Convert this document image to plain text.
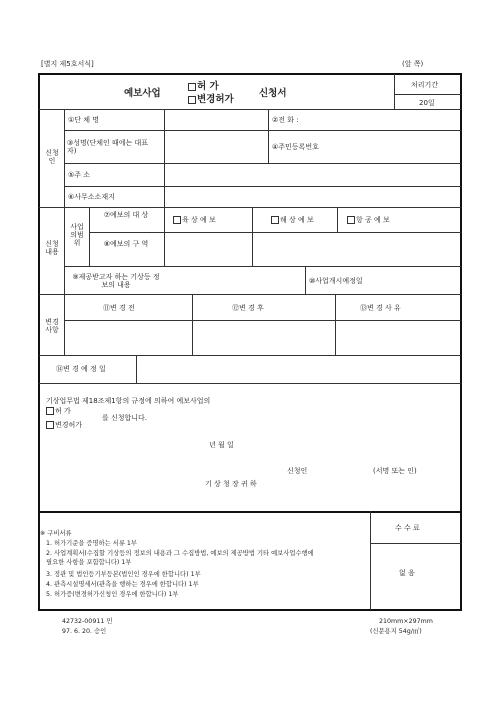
[별지 제5호서식]	(앞 쪽)
예보사업
허 가
변경허가
신청서
처리기간
20일
신청인
①단 체 명	②전 화 :
③성명(단체인 때에는 대표자)	④주민등록번호
⑤주 소
⑥사무소소재지
신청내용
사업의범위
⑦예보의 대 상
육 상 예 보	해 상 예 보	항 공 예 보
⑧예보의 구 역
⑨제공받고자 하는 기상등 정보의 내용	⑩사업개시예정일
변경사항
⑪변 경 전	⑫변 경 후	⑬변 경 사 유
⑭변 경 예 정 일
기상업무법 제18조제1항의 규정에 의하여 예보사업의
허 가
변경허가
를 신청합니다.
년 월 일
신청인	(서명 또는 인)
기 상 청 장 귀 하
※ 구비서류
1. 허가기준을 증명하는 서류 1부
2. 사업계획서(수집할 기상등의 정보의 내용과 그 수집방법, 예보의 제공방법 기타 예보사업수행에
필요한 사항을 포함합니다) 1부
3. 정관 및 법인등기부등본(법인인 경우에 한합니다) 1부
4. 관측시설명세서(관측을 행하는 경우에 한합니다) 1부
5. 허가증(변경허가신청인 경우에 한합니다) 1부
수 수 료
없 음
42732-00911 민
97. 6. 20. 승인
210mm×297mm
(신문용지 54g/㎡)
